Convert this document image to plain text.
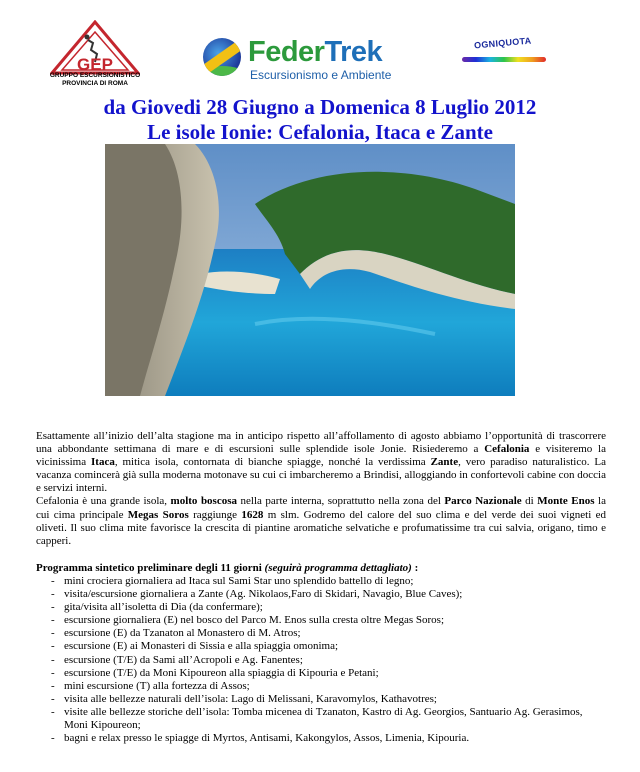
GEP
GRUPPO ESCURSIONISTICO
PROVINCIA DI ROMA
FederTrek
Escursionismo e Ambiente
OGNIQUOTA
da Giovedi 28 Giugno a Domenica 8 Luglio 2012
Le isole Ionie: Cefalonia, Itaca e Zante

Esattamente all’inizio dell’alta stagione ma in anticipo rispetto all’affollamento di agosto abbiamo l’opportunità di trascorrere una abbondante settimana di mare e di escursioni sulle splendide isole Jonie. Risiederemo a Cefalonia e visiteremo la vicinissima Itaca, mitica isola, contornata di bianche spiagge, nonché la verdissima Zante, vero paradiso naturalistico. La vacanza comincerà già sulla moderna motonave su cui ci imbarcheremo a Brindisi, alloggiando in confortevoli cabine con doccia e servizi interni.

Cefalonia è una grande isola, molto boscosa nella parte interna, soprattutto nella zona del Parco Nazionale di Monte Enos la cui cima principale Megas Soros raggiunge 1628 m slm. Godremo del calore del suo clima e del verde dei suoi vigneti ed oliveti. Il suo clima mite favorisce la crescita di piantine aromatiche selvatiche e profumatissime tra cui salvia, origano, timo e capperi.

Programma sintetico preliminare degli 11 giorni (seguirà programma dettagliato) :

- mini crociera giornaliera ad Itaca sul Sami Star uno splendido battello di legno;
- visita/escursione giornaliera a Zante (Ag. Nikolaos,Faro di Skidari, Navagio, Blue Caves);
- gita/visita all’isoletta di Dia (da confermare);
- escursione giornaliera (E) nel bosco del Parco M. Enos sulla cresta oltre Megas Soros;
- escursione (E) da Tzanaton al Monastero di M. Atros;
- escursione (E) ai Monasteri di Sissia e alla spiaggia omonima;
- escursione (T/E) da Sami all’Acropoli e Ag. Fanentes;
- escursione (T/E) da Moni Kipoureon alla spiaggia di Kipouria e Petani;
- mini escursione (T) alla fortezza di Assos;
- visita alle bellezze naturali dell’isola: Lago di Melissani, Karavomylos, Kathavotres;
- visite alle bellezze storiche dell’isola: Tomba micenea di Tzanaton, Kastro di Ag. Georgios, Santuario Ag. Gerasimos, Moni Kipoureon;
- bagni e relax presso le spiagge di Myrtos, Antisami, Kakongylos, Assos, Limenia, Kipouria.
